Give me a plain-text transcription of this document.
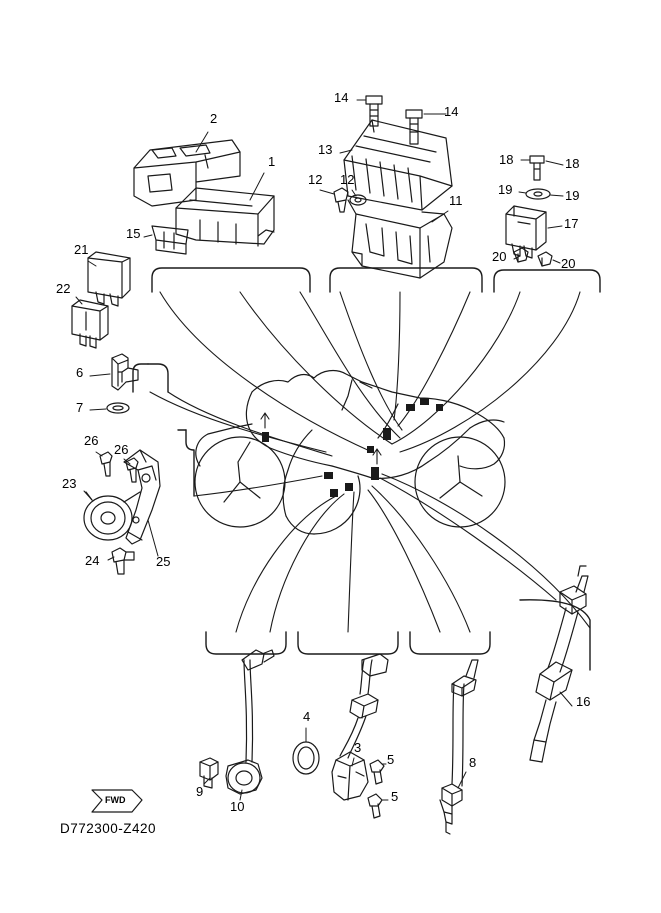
1
2
3
4
5
5
6
7
8
9
10
11
12 12
13
14
14
15
16
17
18	18
19	19
20	20
21
22
23
24	25
26
26
FWD
D772300-Z420
